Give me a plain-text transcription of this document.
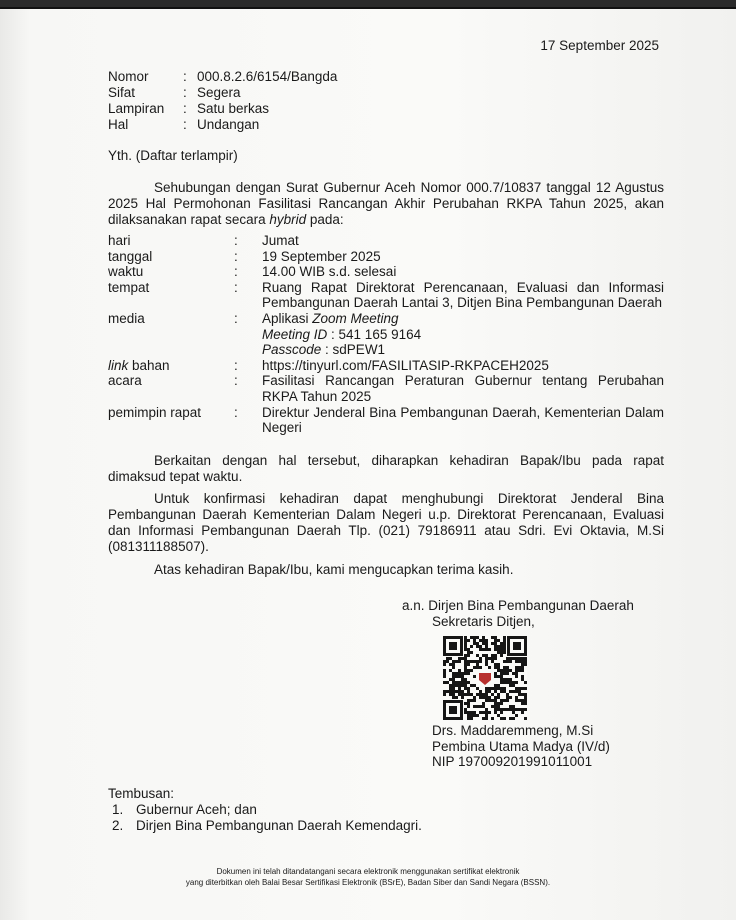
17 September 2025
Nomor	: 000.8.2.6/6154/Bangda
Sifat	: Segera
Lampiran	: Satu berkas
Hal	: Undangan
Yth. (Daftar terlampir)
Sehubungan dengan Surat Gubernur Aceh Nomor 000.7/10837 tanggal 12 Agustus 2025 Hal Permohonan Fasilitasi Rancangan Akhir Perubahan RKPA Tahun 2025, akan dilaksanakan rapat secara hybrid pada:
hari	:	Jumat
tanggal	:	19 September 2025
waktu	:	14.00 WIB s.d. selesai
tempat	:	Ruang Rapat Direktorat Perencanaan, Evaluasi dan Informasi Pembangunan Daerah Lantai 3, Ditjen Bina Pembangunan Daerah
media	:	Aplikasi Zoom Meeting
Meeting ID : 541 165 9164
Passcode : sdPEW1
link bahan	:	https://tinyurl.com/FASILITASIP-RKPACEH2025
acara	:	Fasilitasi Rancangan Peraturan Gubernur tentang Perubahan RKPA Tahun 2025
pemimpin rapat	:	Direktur Jenderal Bina Pembangunan Daerah, Kementerian Dalam Negeri
Berkaitan dengan hal tersebut, diharapkan kehadiran Bapak/Ibu pada rapat dimaksud tepat waktu.
Untuk konfirmasi kehadiran dapat menghubungi Direktorat Jenderal Bina Pembangunan Daerah Kementerian Dalam Negeri u.p. Direktorat Perencanaan, Evaluasi dan Informasi Pembangunan Daerah Tlp. (021) 79186911 atau Sdri. Evi Oktavia, M.Si (081311188507).
Atas kehadiran Bapak/Ibu, kami mengucapkan terima kasih.
a.n. Dirjen Bina Pembangunan Daerah
Sekretaris Ditjen,
Drs. Maddaremmeng, M.Si
Pembina Utama Madya (IV/d)
NIP 197009201991011001
Tembusan:
1. Gubernur Aceh; dan
2. Dirjen Bina Pembangunan Daerah Kemendagri.
Dokumen ini telah ditandatangani secara elektronik menggunakan sertifikat elektronik
yang diterbitkan oleh Balai Besar Sertifikasi Elektronik (BSrE), Badan Siber dan Sandi Negara (BSSN).
